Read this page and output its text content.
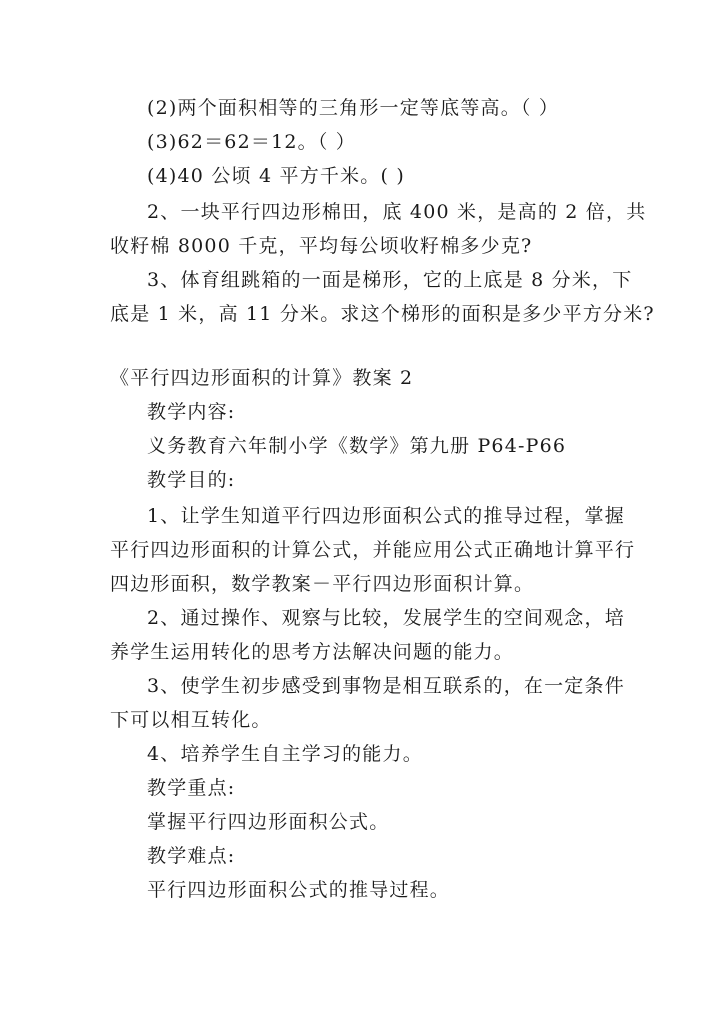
(2)两个面积相等的三角形一定等底等高。（ ）
(3)62＝62＝12。（ ）
(4)40 公顷 4 平方千米。( )
2、一块平行四边形棉田，底 400 米，是高的 2 倍，共
收籽棉 8000 千克，平均每公顷收籽棉多少克?
3、体育组跳箱的一面是梯形，它的上底是 8 分米，下
底是 1 米，高 11 分米。求这个梯形的面积是多少平方分米?
《平行四边形面积的计算》教案 2
教学内容:
义务教育六年制小学《数学》第九册 P64-P66
教学目的:
1、让学生知道平行四边形面积公式的推导过程，掌握
平行四边形面积的计算公式，并能应用公式正确地计算平行
四边形面积，数学教案－平行四边形面积计算。
2、通过操作、观察与比较，发展学生的空间观念，培
养学生运用转化的思考方法解决问题的能力。
3、使学生初步感受到事物是相互联系的，在一定条件
下可以相互转化。
4、培养学生自主学习的能力。
教学重点:
掌握平行四边形面积公式。
教学难点:
平行四边形面积公式的推导过程。
